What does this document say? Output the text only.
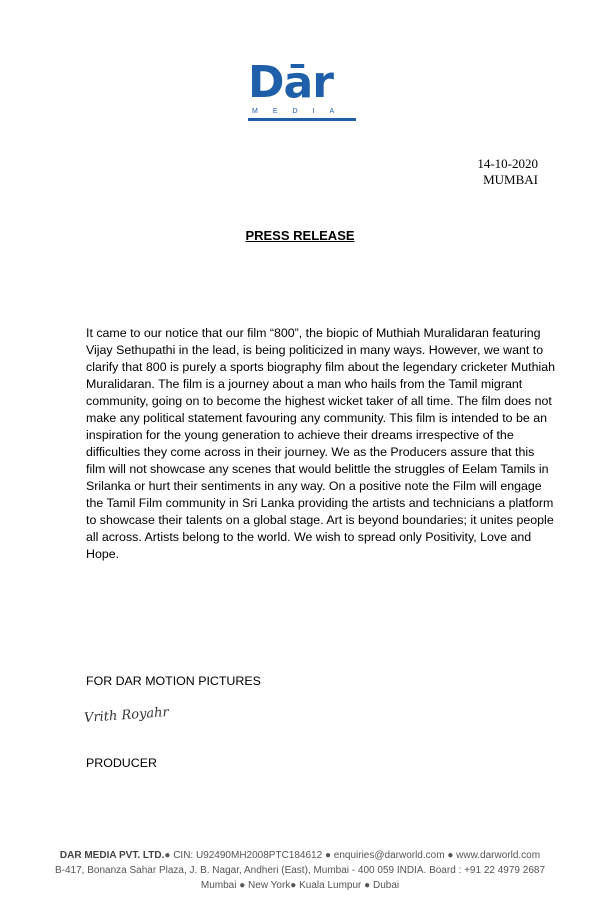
Dār
MEDIA
14-10-2020
MUMBAI
PRESS RELEASE

It came to our notice that our film “800”, the biopic of Muthiah Muralidaran featuring Vijay Sethupathi in the lead, is being politicized in many ways. However, we want to clarify that 800 is purely a sports biography film about the legendary cricketer Muthiah Muralidaran. The film is a journey about a man who hails from the Tamil migrant community, going on to become the highest wicket taker of all time. The film does not make any political statement favouring any community. This film is intended to be an inspiration for the young generation to achieve their dreams irrespective of the difficulties they come across in their journey. We as the Producers assure that this film will not showcase any scenes that would belittle the struggles of Eelam Tamils in Srilanka or hurt their sentiments in any way. On a positive note the Film will engage the Tamil Film community in Sri Lanka providing the artists and technicians a platform to showcase their talents on a global stage. Art is beyond boundaries; it unites people all across. Artists belong to the world. We wish to spread only Positivity, Love and Hope.

FOR DAR MOTION PICTURES
Vrith Royahr
PRODUCER
DAR MEDIA PVT. LTD.● CIN: U92490MH2008PTC184612 ● enquiries@darworld.com ● www.darworld.com
B-417, Bonanza Sahar Plaza, J. B. Nagar, Andheri (East), Mumbai - 400 059 INDIA. Board : +91 22 4979 2687
Mumbai ● New York● Kuala Lumpur ● Dubai
